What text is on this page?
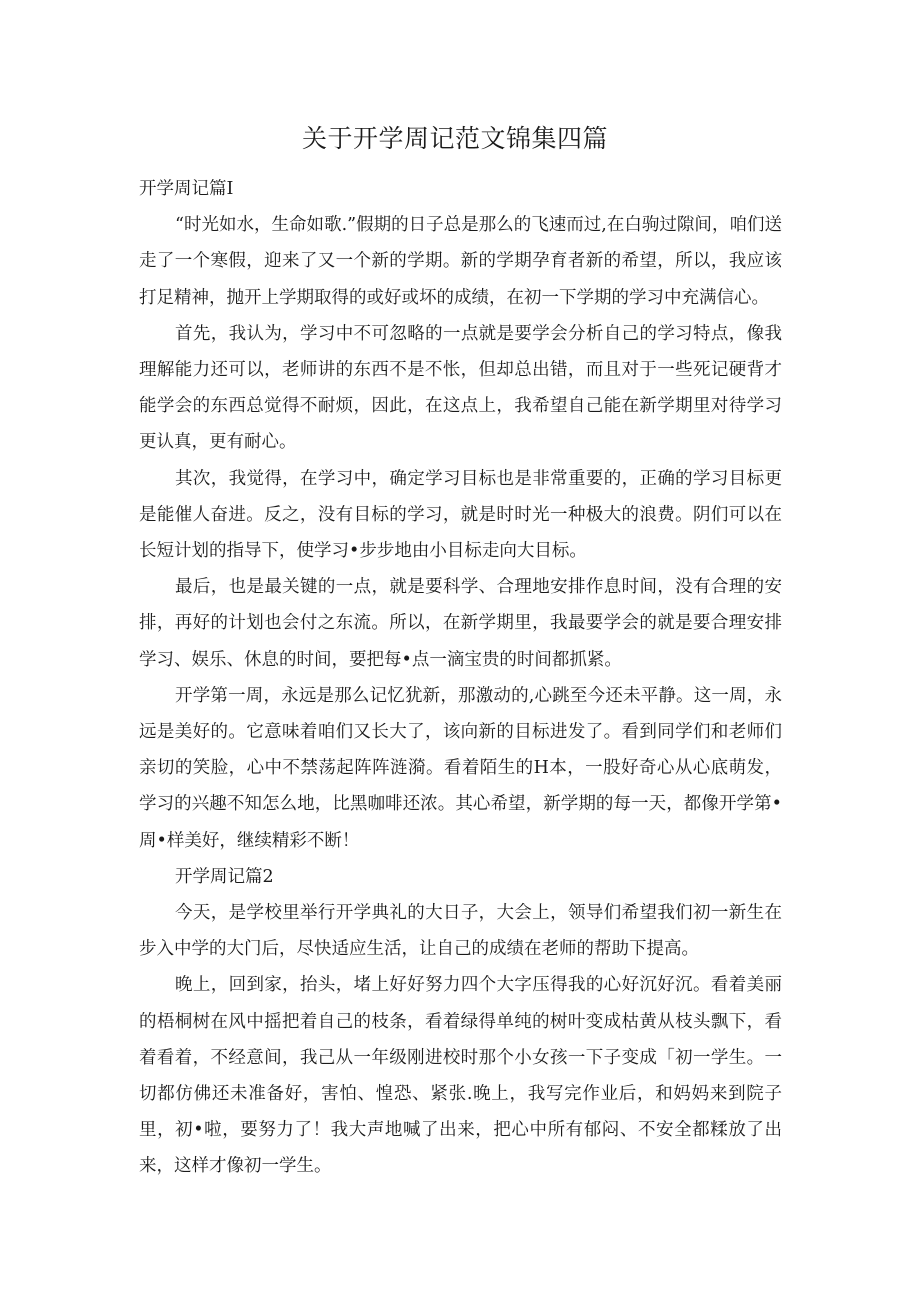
关于开学周记范文锦集四篇

开学周记篇I

“时光如水，生命如歌.”假期的日子总是那么的飞速而过,在白驹过隙间，咱们送走了一个寒假，迎来了又一个新的学期。新的学期孕育者新的希望，所以，我应该打足精神，抛开上学期取得的或好或坏的成绩，在初一下学期的学习中充满信心。

首先，我认为，学习中不可忽略的一点就是要学会分析自己的学习特点，像我理解能力还可以，老师讲的东西不是不怅，但却总出错，而且对于一些死记硬背才能学会的东西总觉得不耐烦，因此，在这点上，我希望自己能在新学期里对待学习更认真，更有耐心。

其次，我觉得，在学习中，确定学习目标也是非常重要的，正确的学习目标更是能催人奋进。反之，没有目标的学习，就是时时光一种极大的浪费。阴们可以在长短计划的指导下，使学习•步步地由小目标走向大目标。

最后，也是最关键的一点，就是要科学、合理地安排作息时间，没有合理的安排，再好的计划也会付之东流。所以，在新学期里，我最要学会的就是要合理安排学习、娱乐、休息的时间，要把每•点一滴宝贵的时间都抓紧。

开学第一周，永远是那么记忆犹新，那激动的,心跳至今还未平静。这一周，永远是美好的。它意味着咱们又长大了，该向新的目标进发了。看到同学们和老师们亲切的笑脸，心中不禁荡起阵阵涟漪。看着陌生的H本，一股好奇心从心底萌发，学习的兴趣不知怎么地，比黑咖啡还浓。其心希望，新学期的每一天，都像开学第•周•样美好，继续精彩不断！

开学周记篇2

今天，是学校里举行开学典礼的大日子，大会上，领导们希望我们初一新生在步入中学的大门后，尽快适应生活，让自己的成绩在老师的帮助下提高。

晚上，回到家，抬头，堵上好好努力四个大字压得我的心好沉好沉。看着美丽的梧桐树在风中摇把着自己的枝条，看着绿得单纯的树叶变成枯黄从枝头飘下，看着看着，不经意间，我己从一年级刚进校时那个小女孩一下子变成「初一学生。一切都仿佛还未准备好，害怕、惶恐、紧张.晚上，我写完作业后，和妈妈来到院子里，初•啦，要努力了！我大声地喊了出来，把心中所有郁闷、不安全都糅放了出来，这样才像初一学生。
